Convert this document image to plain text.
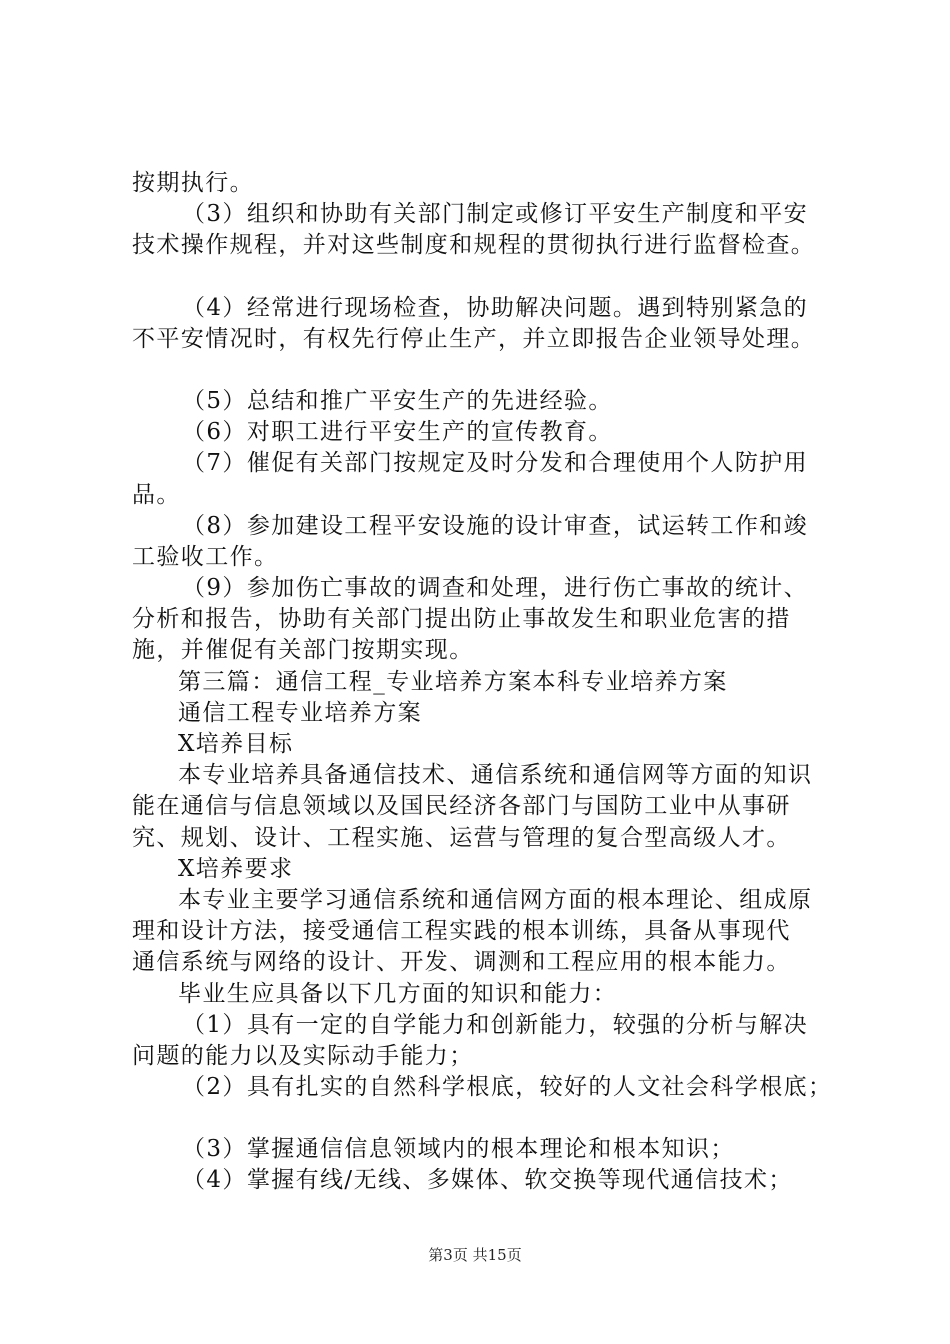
按期执行。
（3）组织和协助有关部门制定或修订平安生产制度和平安
技术操作规程，并对这些制度和规程的贯彻执行进行监督检查。
（4）经常进行现场检查，协助解决问题。遇到特别紧急的
不平安情况时，有权先行停止生产，并立即报告企业领导处理。
（5）总结和推广平安生产的先进经验。
（6）对职工进行平安生产的宣传教育。
（7）催促有关部门按规定及时分发和合理使用个人防护用
品。
（8）参加建设工程平安设施的设计审查，试运转工作和竣
工验收工作。
（9）参加伤亡事故的调查和处理，进行伤亡事故的统计、
分析和报告，协助有关部门提出防止事故发生和职业危害的措
施，并催促有关部门按期实现。
第三篇：通信工程_专业培养方案本科专业培养方案
通信工程专业培养方案
X培养目标
本专业培养具备通信技术、通信系统和通信网等方面的知识
能在通信与信息领域以及国民经济各部门与国防工业中从事研
究、规划、设计、工程实施、运营与管理的复合型高级人才。
X培养要求
本专业主要学习通信系统和通信网方面的根本理论、组成原
理和设计方法，接受通信工程实践的根本训练，具备从事现代
通信系统与网络的设计、开发、调测和工程应用的根本能力。
毕业生应具备以下几方面的知识和能力：
（1）具有一定的自学能力和创新能力，较强的分析与解决
问题的能力以及实际动手能力；
（2）具有扎实的自然科学根底，较好的人文社会科学根底；
（3）掌握通信信息领域内的根本理论和根本知识；
（4）掌握有线/无线、多媒体、软交换等现代通信技术；
第3页 共15页
